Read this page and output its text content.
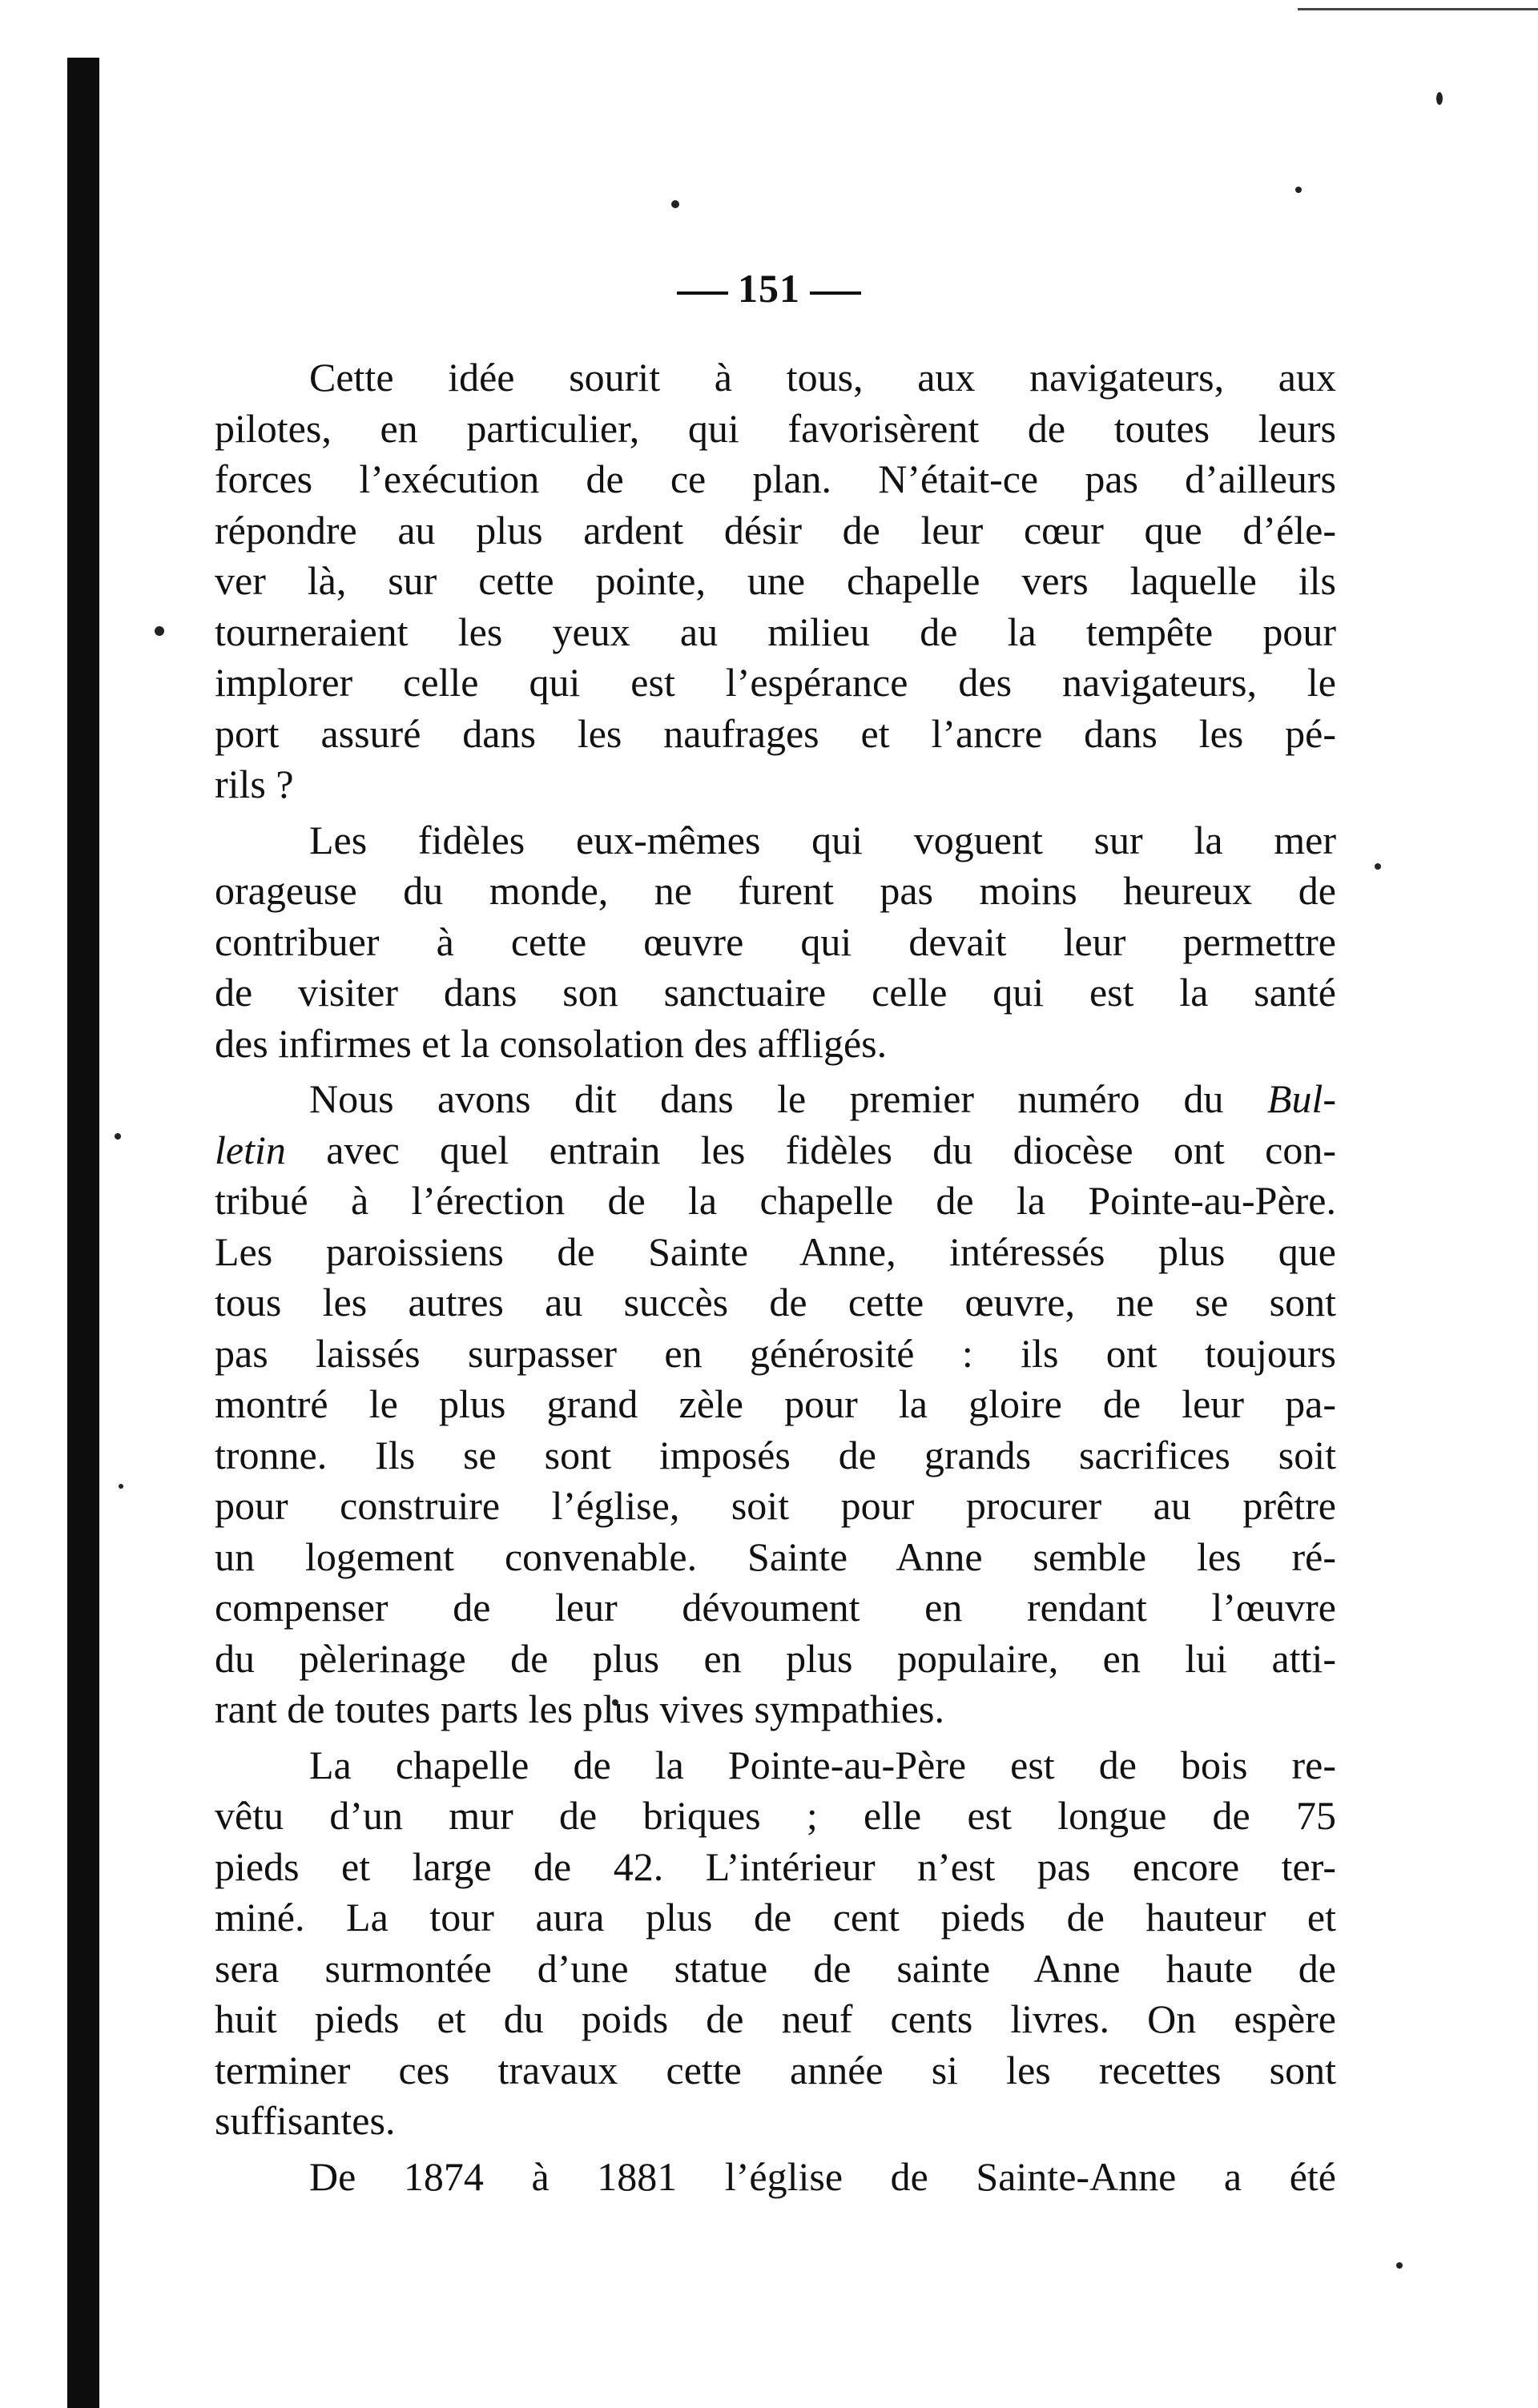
151
Cette idée sourit à tous, aux navigateurs, aux
pilotes, en particulier, qui favorisèrent de toutes leurs
forces l’exécution de ce plan. N’était-ce pas d’ailleurs
répondre au plus ardent désir de leur cœur que d’éle-
ver là, sur cette pointe, une chapelle vers laquelle ils
tourneraient les yeux au milieu de la tempête pour
implorer celle qui est l’espérance des navigateurs, le
port assuré dans les naufrages et l’ancre dans les pé-
rils ?
Les fidèles eux-mêmes qui voguent sur la mer
orageuse du monde, ne furent pas moins heureux de
contribuer à cette œuvre qui devait leur permettre
de visiter dans son sanctuaire celle qui est la santé
des infirmes et la consolation des affligés.
Nous avons dit dans le premier numéro du Bul-
letin avec quel entrain les fidèles du diocèse ont con-
tribué à l’érection de la chapelle de la Pointe-au-Père.
Les paroissiens de Sainte Anne, intéressés plus que
tous les autres au succès de cette œuvre, ne se sont
pas laissés surpasser en générosité : ils ont toujours
montré le plus grand zèle pour la gloire de leur pa-
tronne. Ils se sont imposés de grands sacrifices soit
pour construire l’église, soit pour procurer au prêtre
un logement convenable. Sainte Anne semble les ré-
compenser de leur dévoument en rendant l’œuvre
du pèlerinage de plus en plus populaire, en lui atti-
rant de toutes parts les plus vives sympathies.
La chapelle de la Pointe-au-Père est de bois re-
vêtu d’un mur de briques ; elle est longue de 75
pieds et large de 42. L’intérieur n’est pas encore ter-
miné. La tour aura plus de cent pieds de hauteur et
sera surmontée d’une statue de sainte Anne haute de
huit pieds et du poids de neuf cents livres. On espère
terminer ces travaux cette année si les recettes sont
suffisantes.
De 1874 à 1881 l’église de Sainte-Anne a été
